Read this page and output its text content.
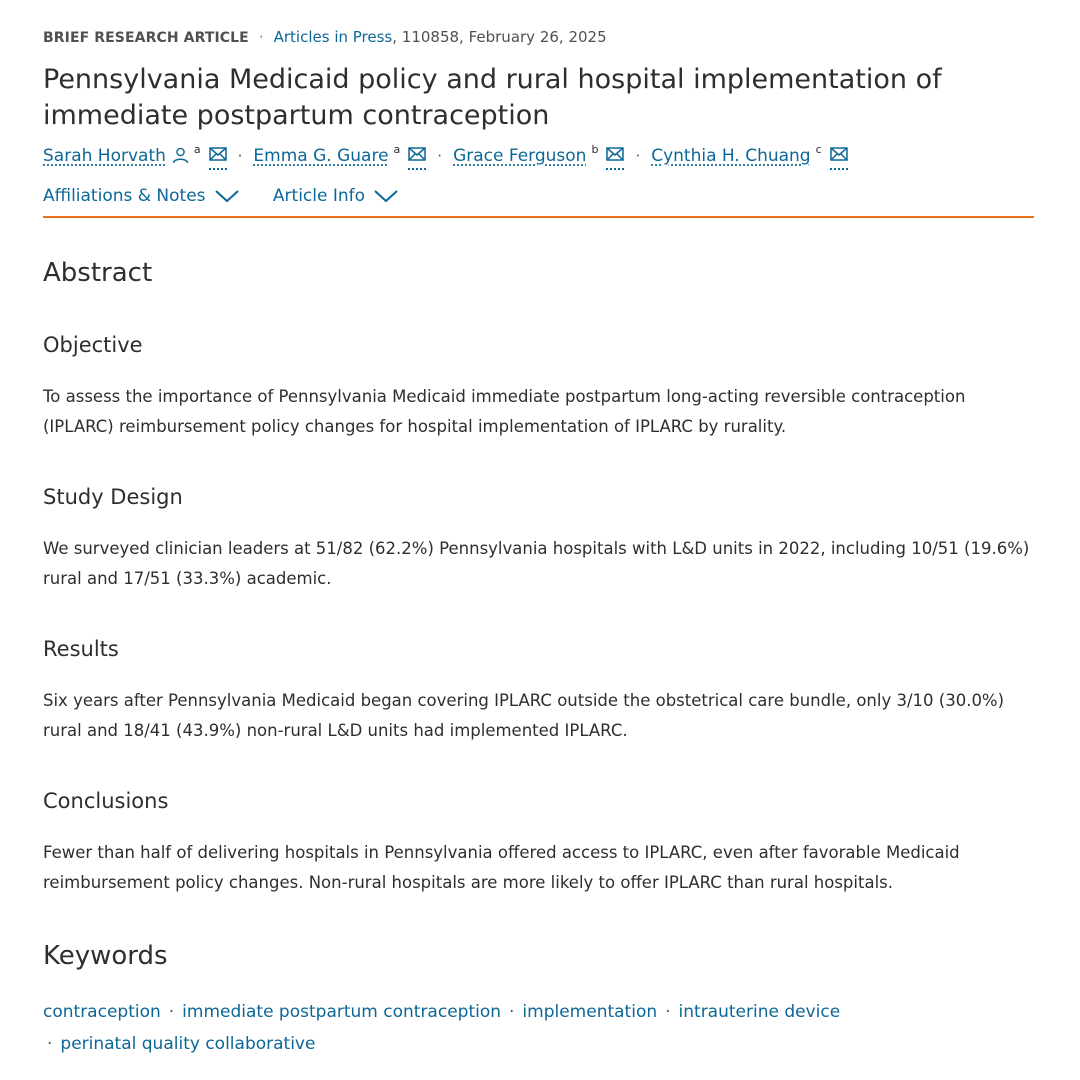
BRIEF RESEARCH ARTICLE · Articles in Press, 110858, February 26, 2025
Pennsylvania Medicaid policy and rural hospital implementation of immediate postpartum contraception
Sarah Horvath	$^a$ · Emma G. Guare $^a$ · Grace Ferguson $^b$ · Cynthia H. Chuang $^c$
Affiliations & Notes
	Article Info
Abstract
Objective

To assess the importance of Pennsylvania Medicaid immediate postpartum long-acting reversible contraception (IPLARC) reimbursement policy changes for hospital implementation of IPLARC by rurality.

Study Design

We surveyed clinician leaders at 51/82 (62.2%) Pennsylvania hospitals with L&D units in 2022, including 10/51 (19.6%) rural and 17/51 (33.3%) academic.

Results

Six years after Pennsylvania Medicaid began covering IPLARC outside the obstetrical care bundle, only 3/10 (30.0%) rural and 18/41 (43.9%) non-rural L&D units had implemented IPLARC.

Conclusions

Fewer than half of delivering hospitals in Pennsylvania offered access to IPLARC, even after favorable Medicaid reimbursement policy changes. Non-rural hospitals are more likely to offer IPLARC than rural hospitals.

Keywords
contraception · immediate postpartum contraception · implementation · intrauterine device
· perinatal quality collaborative
